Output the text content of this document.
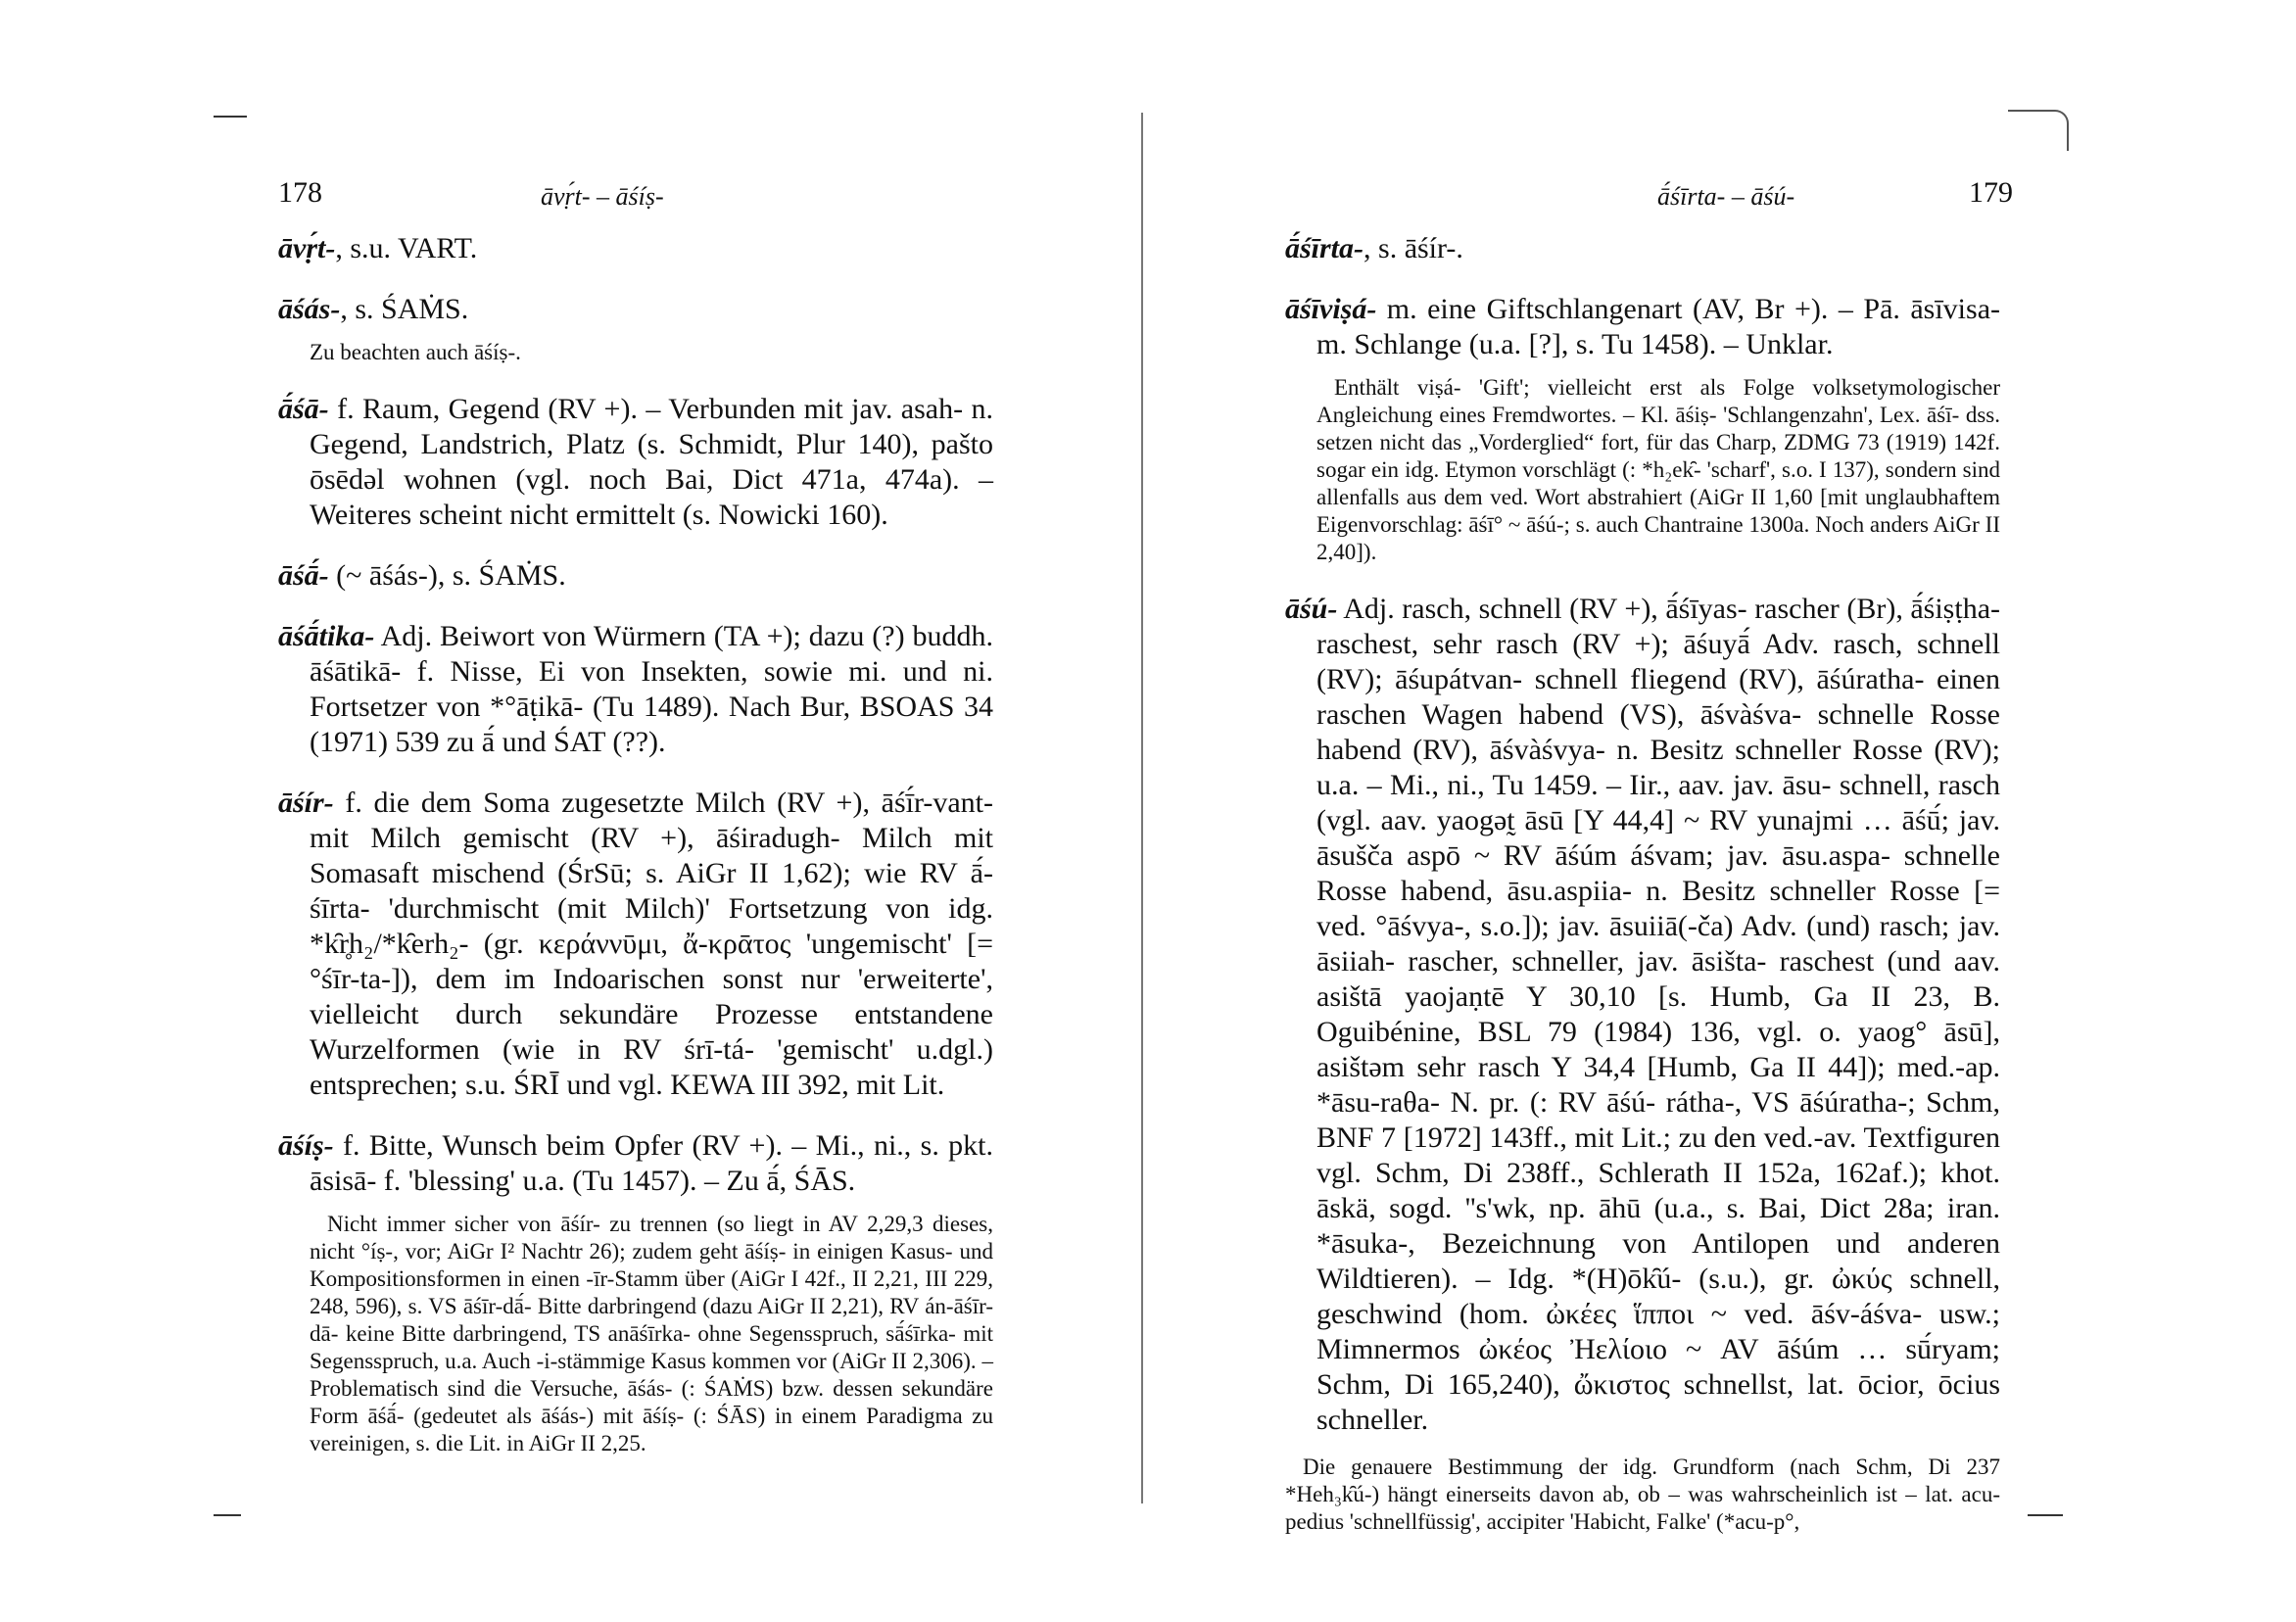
178	āvṛ́t- – āśíṣ-
āvṛ́t-, s.u. VART.
āśás-, s. ŚAṀS.
Zu beachten auch āśíṣ-.
ā́śā- f. Raum, Gegend (RV +). – Verbunden mit jav. asah- n. Gegend, Landstrich, Platz (s. Schmidt, Plur 140), pašto ōsēdəl wohnen (vgl. noch Bai, Dict 471a, 474a). – Weiteres scheint nicht ermittelt (s. Nowicki 160).
āśā́- (~ āśás-), s. ŚAṀS.
āśā́tika- Adj. Beiwort von Würmern (TA +); dazu (?) buddh. āśātikā- f. Nisse, Ei von Insekten, sowie mi. und ni. Fortsetzer von *°āṭikā- (Tu 1489). Nach Bur, BSOAS 34 (1971) 539 zu ā́ und ŚAT (??).
āśír- f. die dem Soma zugesetzte Milch (RV +), āśī́r-vant- mit Milch gemischt (RV +), āśiradugh- Milch mit Somasaft mischend (ŚrSū; s. AiGr II 1,62); wie RV ā́-śīrta- 'durchmischt (mit Milch)' Fortsetzung von idg. *k̑r̥h₂/*k̑erh₂- (gr. κεράννῡμι, ἄ-κρᾱτος 'ungemischt' [= °śīr-ta-]), dem im Indoarischen sonst nur 'erweiterte', vielleicht durch sekundäre Prozesse entstandene Wurzelformen (wie in RV śrī-tá- 'gemischt' u.dgl.) entsprechen; s.u. ŚRĪ und vgl. KEWA III 392, mit Lit.
āśíṣ- f. Bitte, Wunsch beim Opfer (RV +). – Mi., ni., s. pkt. āsisā- f. 'blessing' u.a. (Tu 1457). – Zu ā́, ŚĀS.
Nicht immer sicher von āśír- zu trennen (so liegt in AV 2,29,3 dieses, nicht °íṣ-, vor; AiGr I² Nachtr 26); zudem geht āśíṣ- in einigen Kasus- und Kompositionsformen in einen -īr-Stamm über (AiGr I 42f., II 2,21, III 229, 248, 596), s. VS āśīr-dā́- Bitte darbringend (dazu AiGr II 2,21), RV án-āśīr-dā- keine Bitte darbringend, TS anāśīrka- ohne Segensspruch, sā́śīrka- mit Segensspruch, u.a. Auch -i-stämmige Kasus kommen vor (AiGr II 2,306). – Problematisch sind die Versuche, āśás- (: ŚAṀS) bzw. dessen sekundäre Form āśā́- (gedeutet als āśás-) mit āśíṣ- (: ŚĀS) in einem Paradigma zu vereinigen, s. die Lit. in AiGr II 2,25.
ā́śīrta- – āśú-	179
ā́śīrta-, s. āśír-.
āśīviṣá- m. eine Giftschlangenart (AV, Br +). – Pā. āsīvisa- m. Schlange (u.a. [?], s. Tu 1458). – Unklar.
Enthält viṣá- 'Gift'; vielleicht erst als Folge volksetymologischer Angleichung eines Fremdwortes. – Kl. āśiṣ- 'Schlangenzahn', Lex. āśī- dss. setzen nicht das „Vorderglied“ fort, für das Charp, ZDMG 73 (1919) 142f. sogar ein idg. Etymon vorschlägt (: *h₂ek̑- 'scharf', s.o. I 137), sondern sind allenfalls aus dem ved. Wort abstrahiert (AiGr II 1,60 [mit unglaubhaftem Eigenvorschlag: āśī° ~ āśú-; s. auch Chantraine 1300a. Noch anders AiGr II 2,40]).
āśú- Adj. rasch, schnell (RV +), ā́śīyas- rascher (Br), ā́śiṣṭha- raschest, sehr rasch (RV +); āśuyā́ Adv. rasch, schnell (RV); āśupátvan- schnell fliegend (RV), āśúratha- einen raschen Wagen habend (VS), āśvàśva- schnelle Rosse habend (RV), āśvàśvya- n. Besitz schneller Rosse (RV); u.a. – Mi., ni., Tu 1459. – Iir., aav. jav. āsu- schnell, rasch (vgl. aav. yaogət̰ āsū [Y 44,4] ~ RV yunajmi … āśū́; jav. āsušča aspō ~ RV āśúm áśvam; jav. āsu.aspa- schnelle Rosse habend, āsu.aspiia- n. Besitz schneller Rosse [= ved. °āśvya-, s.o.]); jav. āsuiiā(-ča) Adv. (und) rasch; jav. āsiiah- rascher, schneller, jav. āsišta- raschest (und aav. asištā yaojaṇtē Y 30,10 [s. Humb, Ga II 23, B. Oguibénine, BSL 79 (1984) 136, vgl. o. yaog° āsū], asištəm sehr rasch Y 34,4 [Humb, Ga II 44]); med.-ap. *āsu-raθa- N. pr. (: RV āśú- rátha-, VS āśúratha-; Schm, BNF 7 [1972] 143ff., mit Lit.; zu den ved.-av. Textfiguren vgl. Schm, Di 238ff., Schlerath II 152a, 162af.); khot. āskä, sogd. ''s'wk, np. āhū (u.a., s. Bai, Dict 28a; iran. *āsuka-, Bezeichnung von Antilopen und anderen Wildtieren). – Idg. *(H)ōk̑ú- (s.u.), gr. ὠκύς schnell, geschwind (hom. ὠκέες ἵπποι ~ ved. āśv-áśva- usw.; Mimnermos ὠκέος Ἠελίοιο ~ AV āśúm … sū́ryam; Schm, Di 165,240), ὤκιστος schnellst, lat. ōcior, ōcius schneller.
Die genauere Bestimmung der idg. Grundform (nach Schm, Di 237 *Heh₃k̑ú-) hängt einerseits davon ab, ob – was wahrscheinlich ist – lat. acu-pedius 'schnellfüssig', accipiter 'Habicht, Falke' (*acu-p°,
